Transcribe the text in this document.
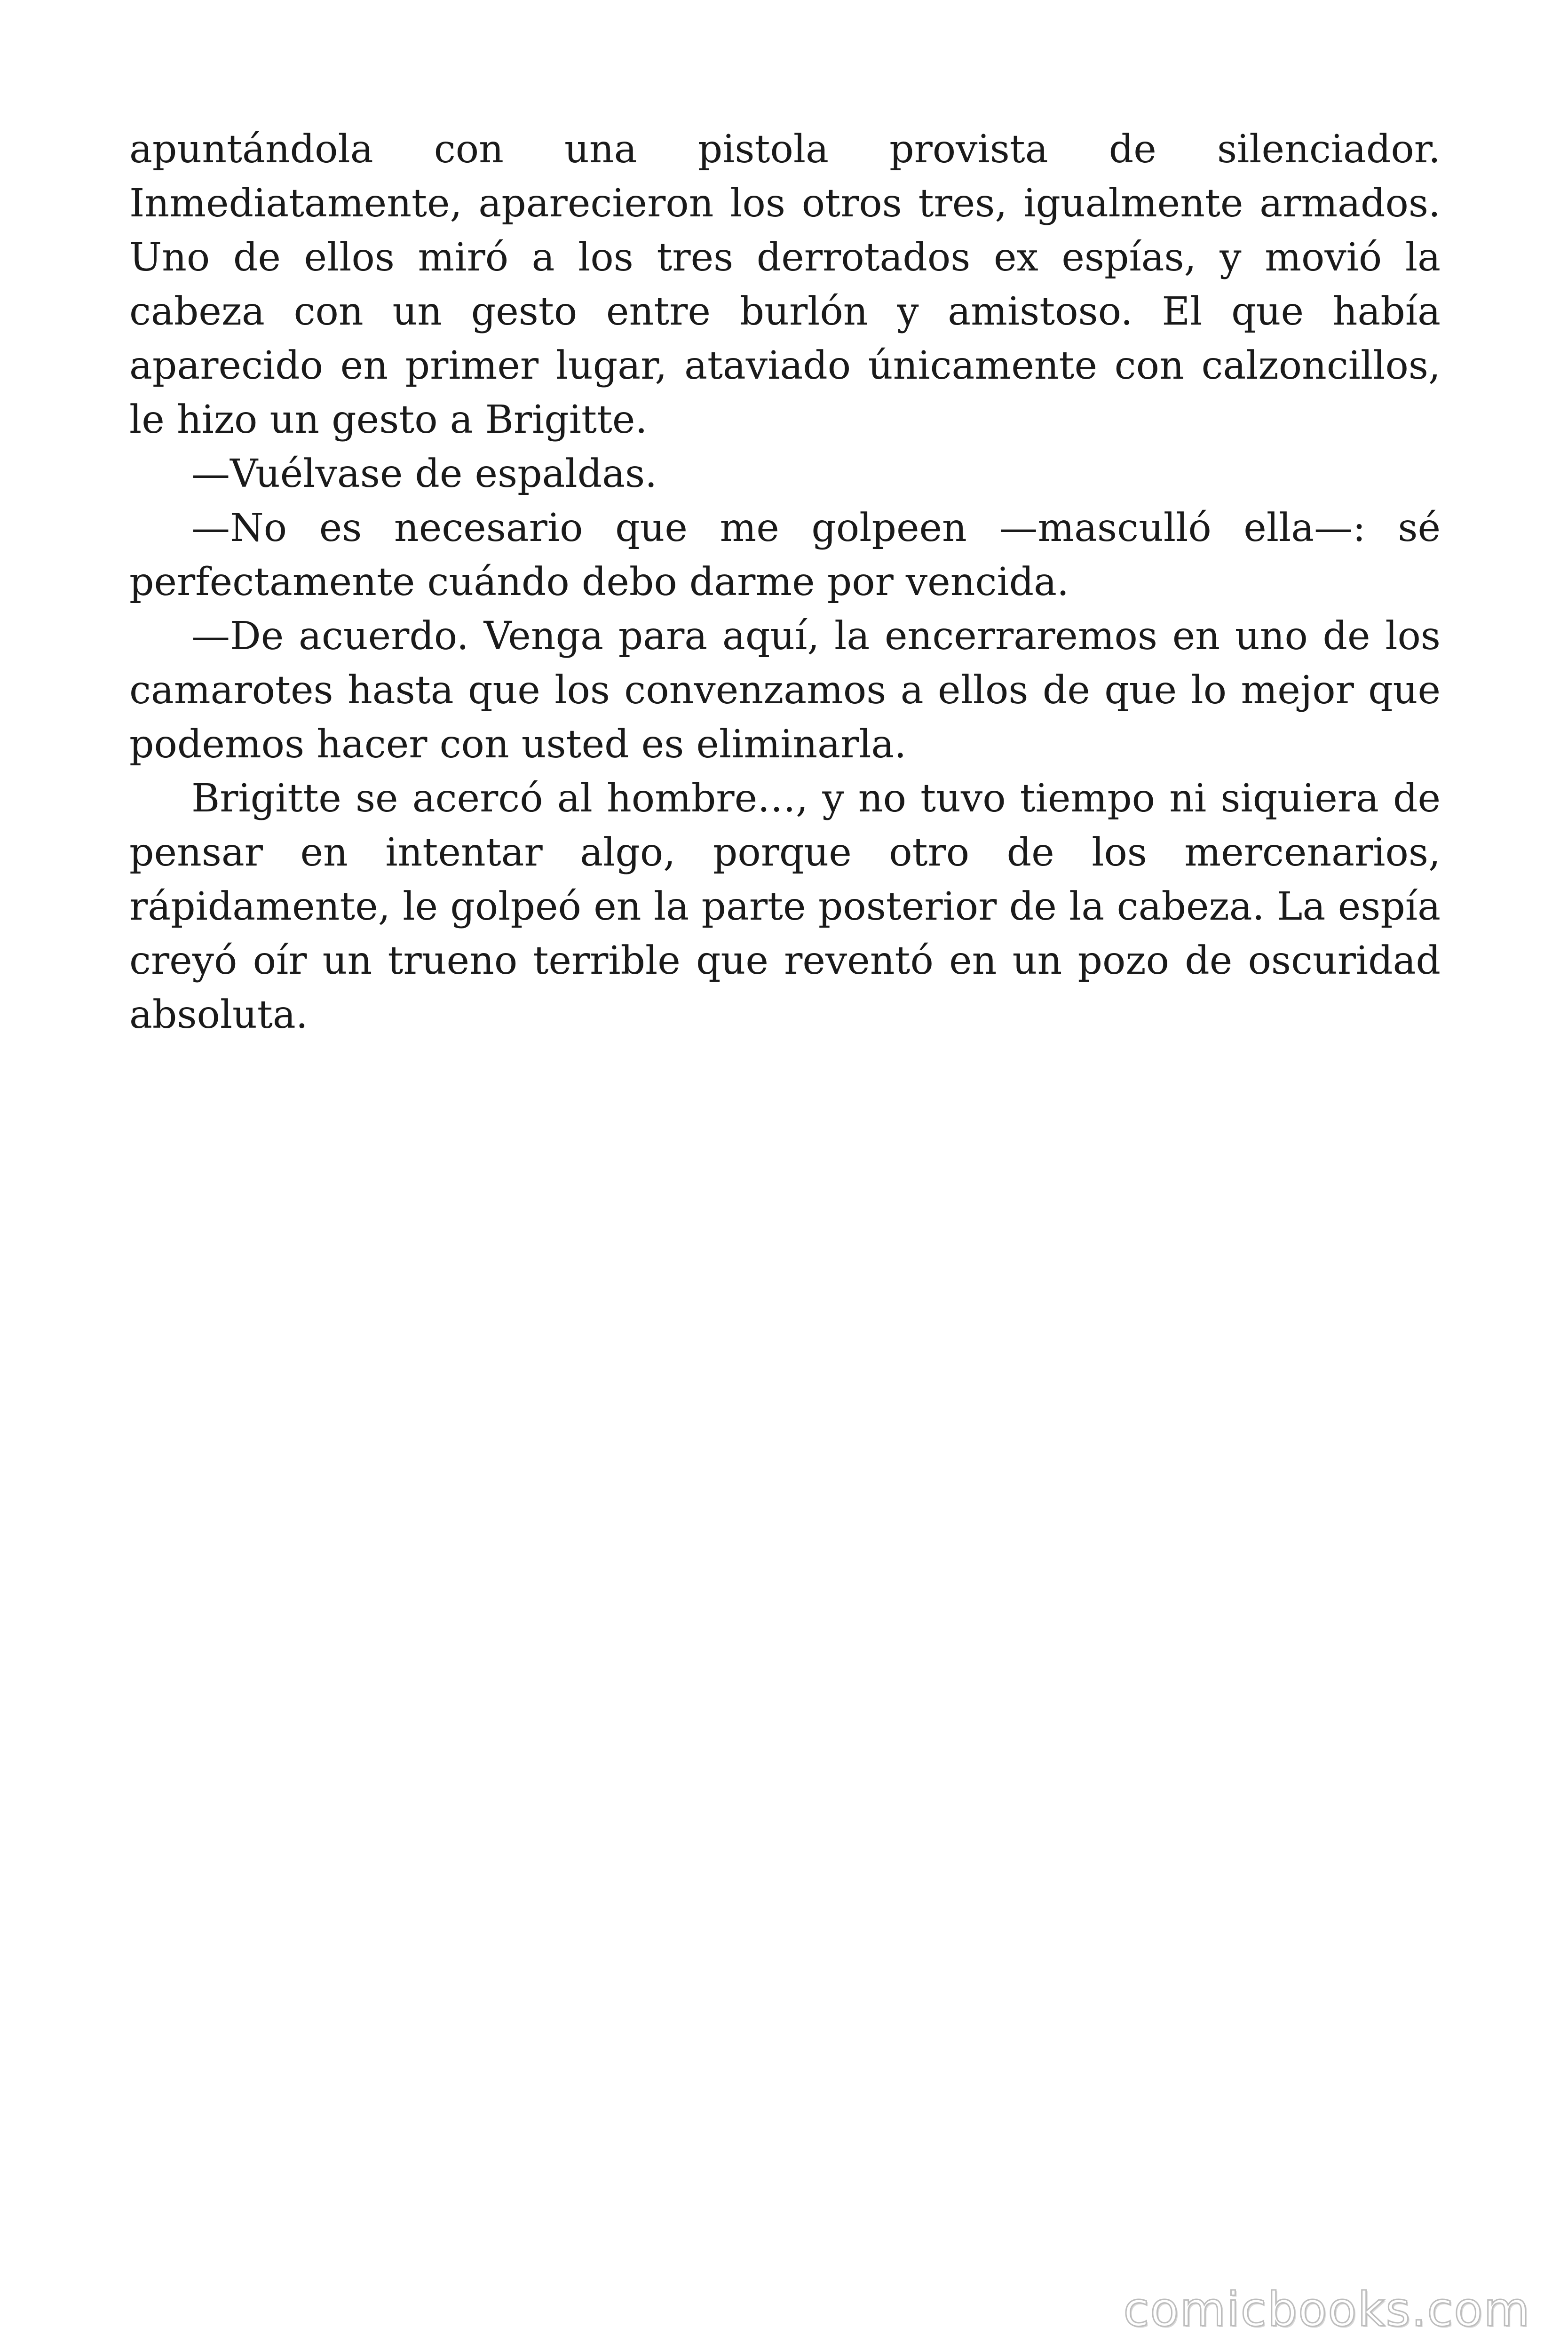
apuntándola con una pistola provista de silenciador. Inmediatamente, aparecieron los otros tres, igualmente armados. Uno de ellos miró a los tres derrotados ex espías, y movió la cabeza con un gesto entre burlón y amistoso. El que había aparecido en primer lugar, ataviado únicamente con calzoncillos, le hizo un gesto a Brigitte.

—Vuélvase de espaldas.

—No es necesario que me golpeen —mascullό ella—: sé perfectamente cuándo debo darme por vencida.

—De acuerdo. Venga para aquí, la encerraremos en uno de los camarotes hasta que los convenzamos a ellos de que lo mejor que podemos hacer con usted es eliminarla.

Brigitte se acercó al hombre…, y no tuvo tiempo ni siquiera de pensar en intentar algo, porque otro de los mercenarios, rápidamente, le golpeó en la parte posterior de la cabeza. La espía creyó oír un trueno terrible que reventó en un pozo de oscuridad absoluta.

comicbooks.com
